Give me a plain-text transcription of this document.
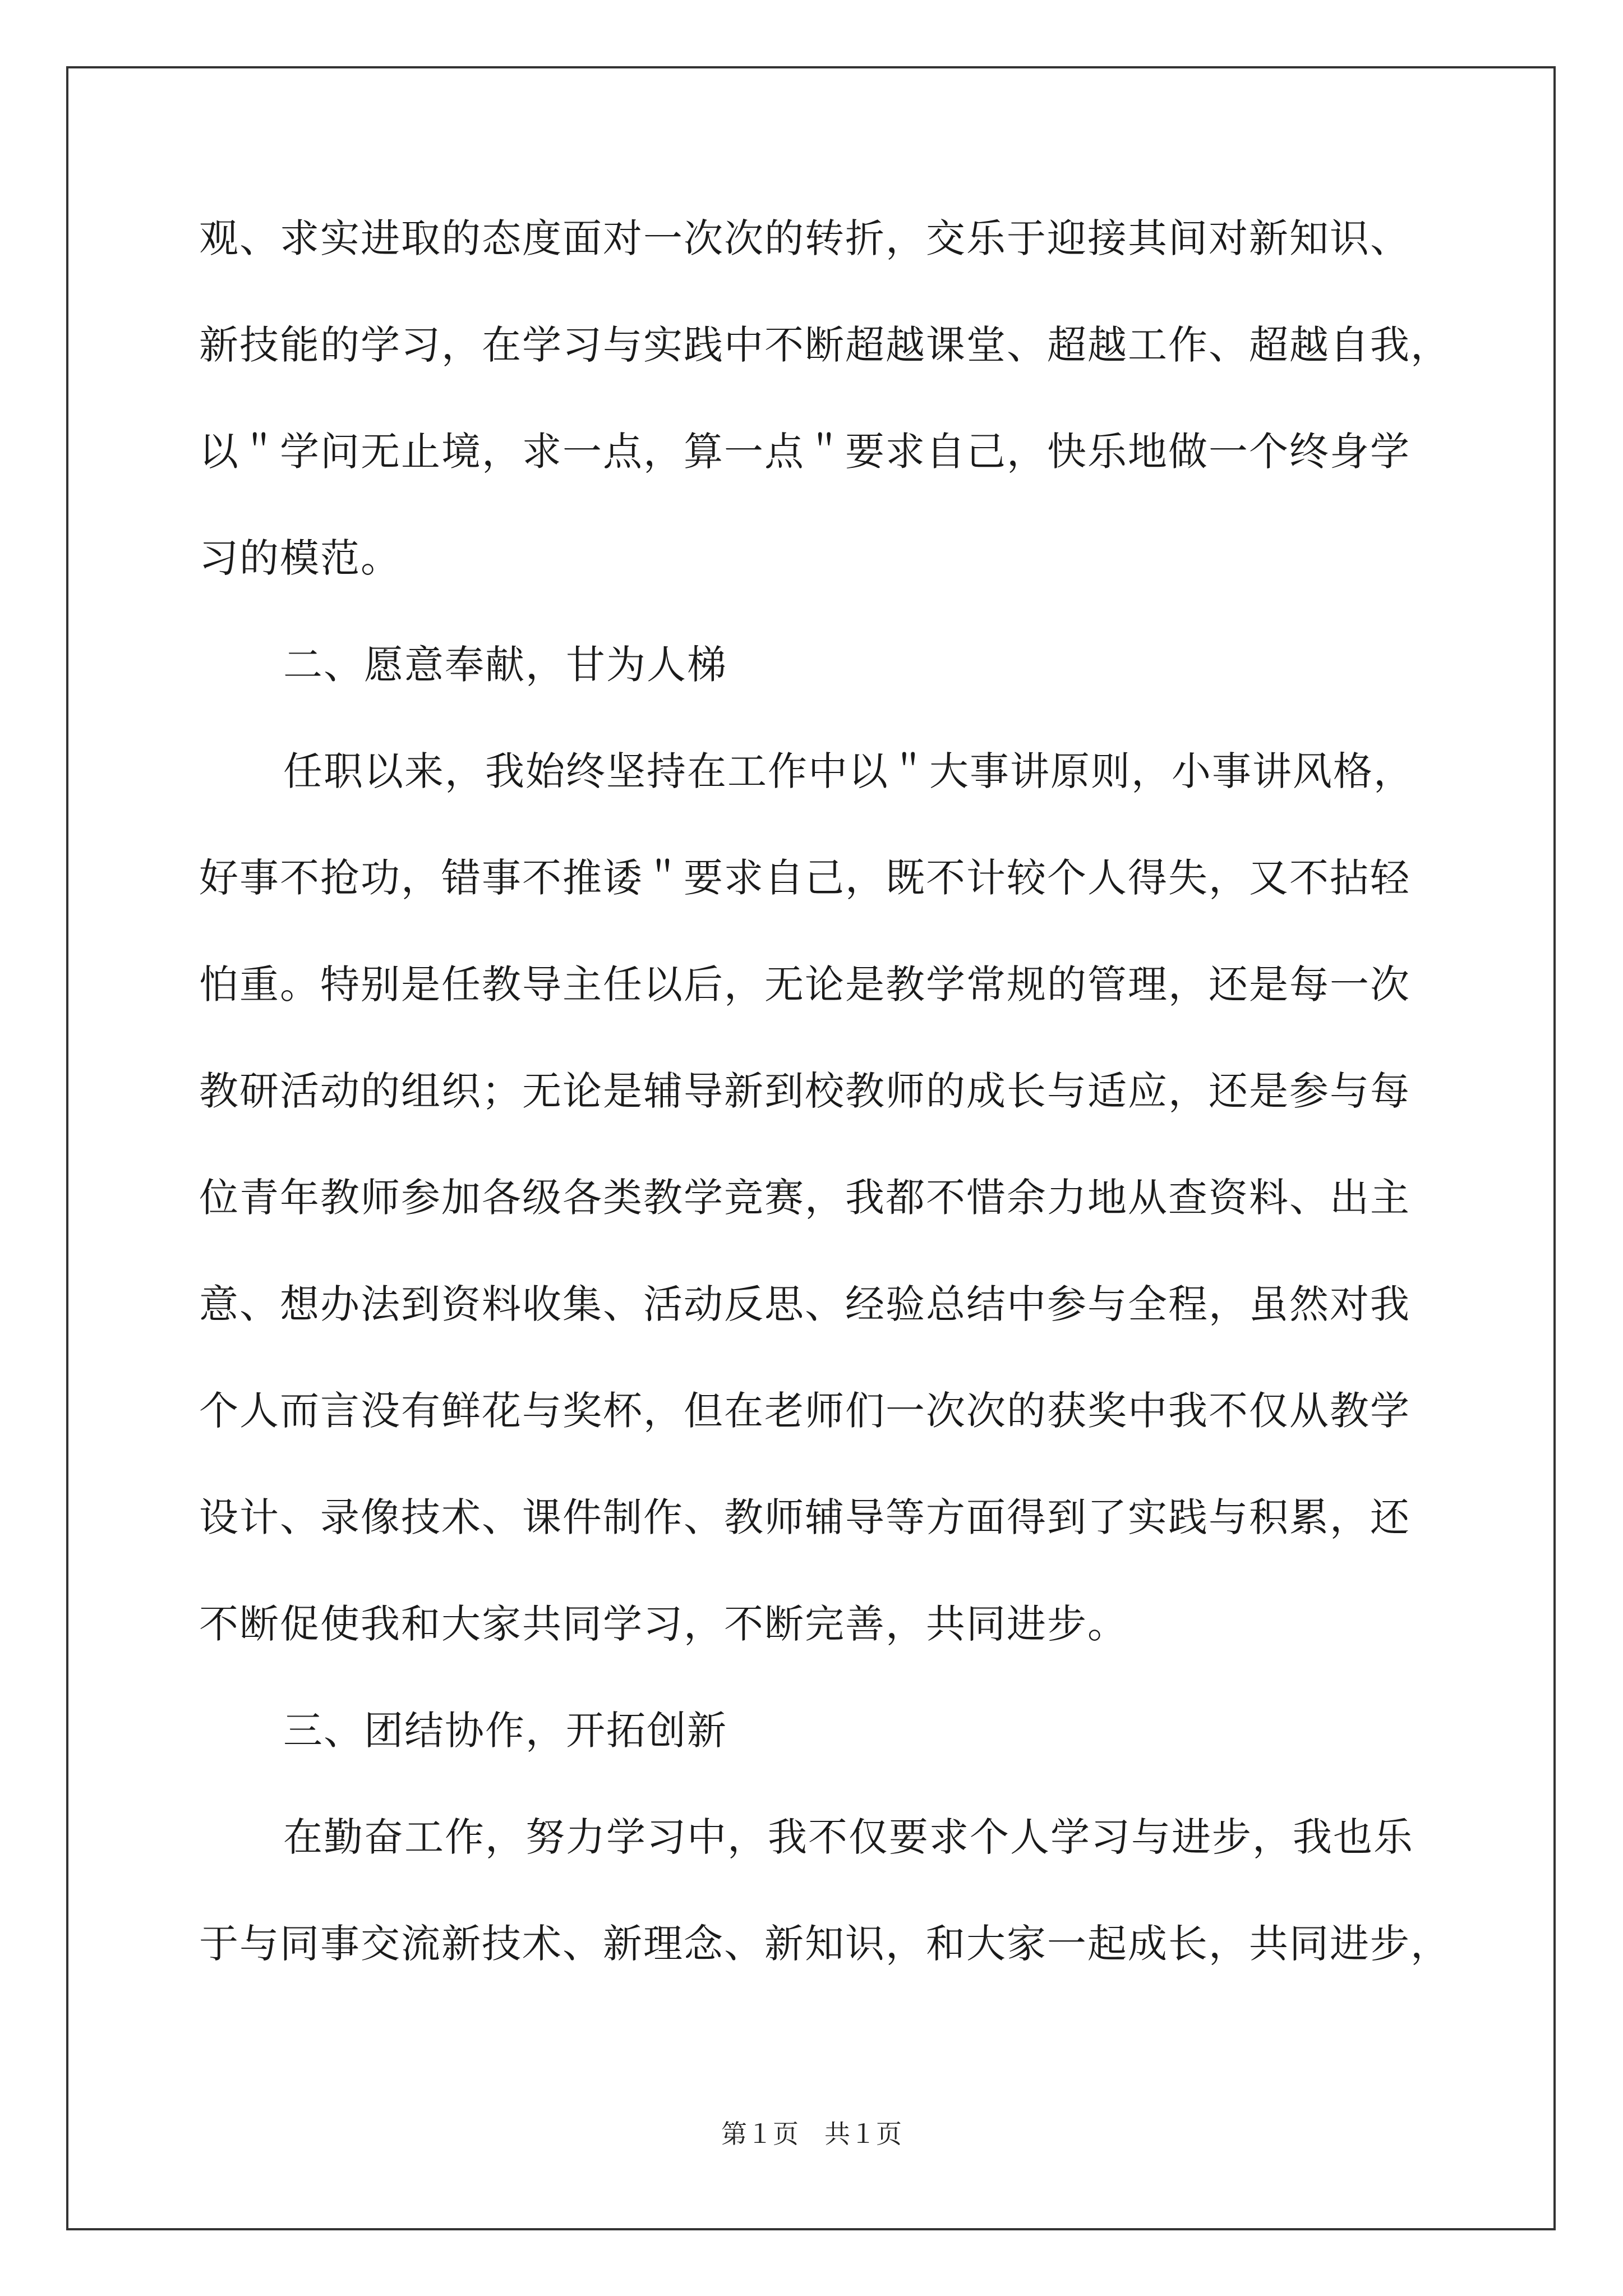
观、求实进取的态度面对一次次的转折，交乐于迎接其间对新知识、
新技能的学习，在学习与实践中不断超越课堂、超越工作、超越自我，
以＂学问无止境，求一点，算一点＂要求自己，快乐地做一个终身学
习的模范。
二、愿意奉献，甘为人梯
任职以来，我始终坚持在工作中以＂大事讲原则，小事讲风格，
好事不抢功，错事不推诿＂要求自己，既不计较个人得失，又不拈轻
怕重。特别是任教导主任以后，无论是教学常规的管理，还是每一次
教研活动的组织；无论是辅导新到校教师的成长与适应，还是参与每
位青年教师参加各级各类教学竞赛，我都不惜余力地从查资料、出主
意、想办法到资料收集、活动反思、经验总结中参与全程，虽然对我
个人而言没有鲜花与奖杯，但在老师们一次次的获奖中我不仅从教学
设计、录像技术、课件制作、教师辅导等方面得到了实践与积累，还
不断促使我和大家共同学习，不断完善，共同进步。
三、团结协作，开拓创新
在勤奋工作，努力学习中，我不仅要求个人学习与进步，我也乐
于与同事交流新技术、新理念、新知识，和大家一起成长，共同进步，
第１页　共１页
